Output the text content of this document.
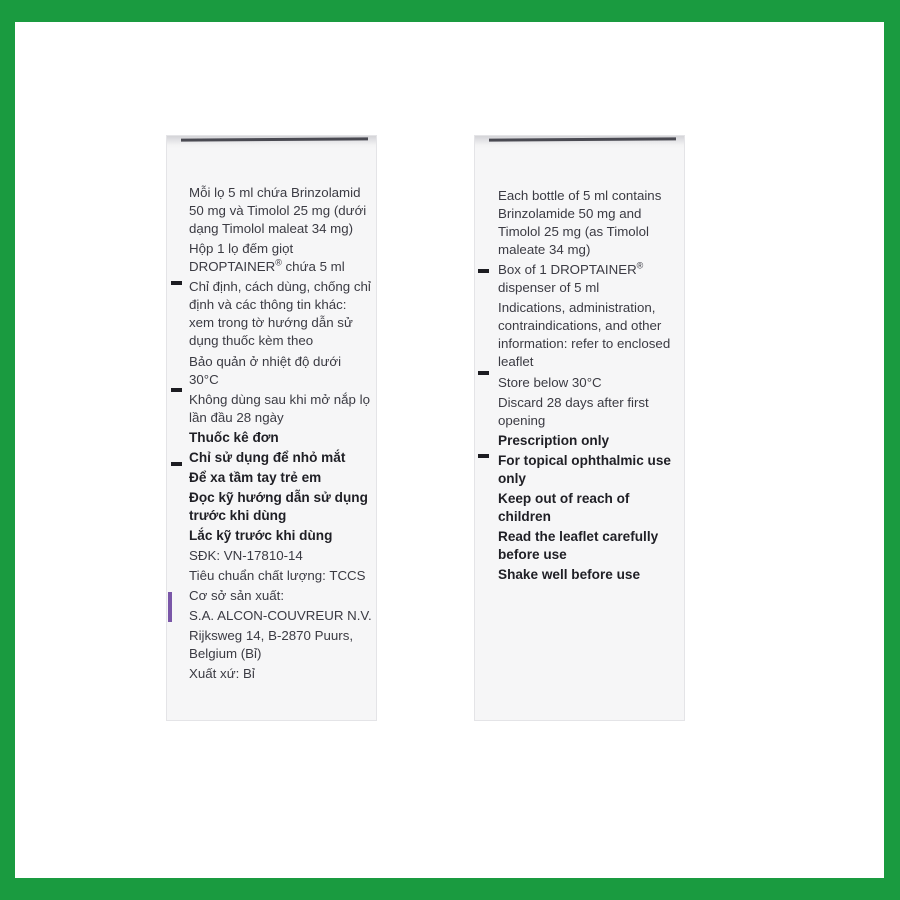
Mỗi lọ 5 ml chứa Brinzolamid 50 mg và Timolol 25 mg (dưới dạng Timolol maleat 34 mg)

Hộp 1 lọ đếm giọt
DROPTAINER® chứa 5 ml

Chỉ định, cách dùng, chống chỉ định và các thông tin khác: xem trong tờ hướng dẫn sử dụng thuốc kèm theo

Bảo quản ở nhiệt độ dưới 30°C

Không dùng sau khi mở nắp lọ lần đầu 28 ngày

Thuốc kê đơn

Chỉ sử dụng để nhỏ mắt

Để xa tầm tay trẻ em

Đọc kỹ hướng dẫn sử dụng trước khi dùng

Lắc kỹ trước khi dùng

SĐK: VN-17810-14

Tiêu chuẩn chất lượng: TCCS

Cơ sở sản xuất:

S.A. ALCON-COUVREUR N.V.

Rijksweg 14, B-2870 Puurs, Belgium (Bỉ)

Xuất xứ: Bỉ

Each bottle of 5 ml contains Brinzolamide 50 mg and Timolol 25 mg (as Timolol maleate 34 mg)

Box of 1 DROPTAINER®
dispenser of 5 ml

Indications, administration, contraindications, and other information: refer to enclosed leaflet

Store below 30°C

Discard 28 days after first opening

Prescription only

For topical ophthalmic use only

Keep out of reach of children

Read the leaflet carefully before use

Shake well before use
